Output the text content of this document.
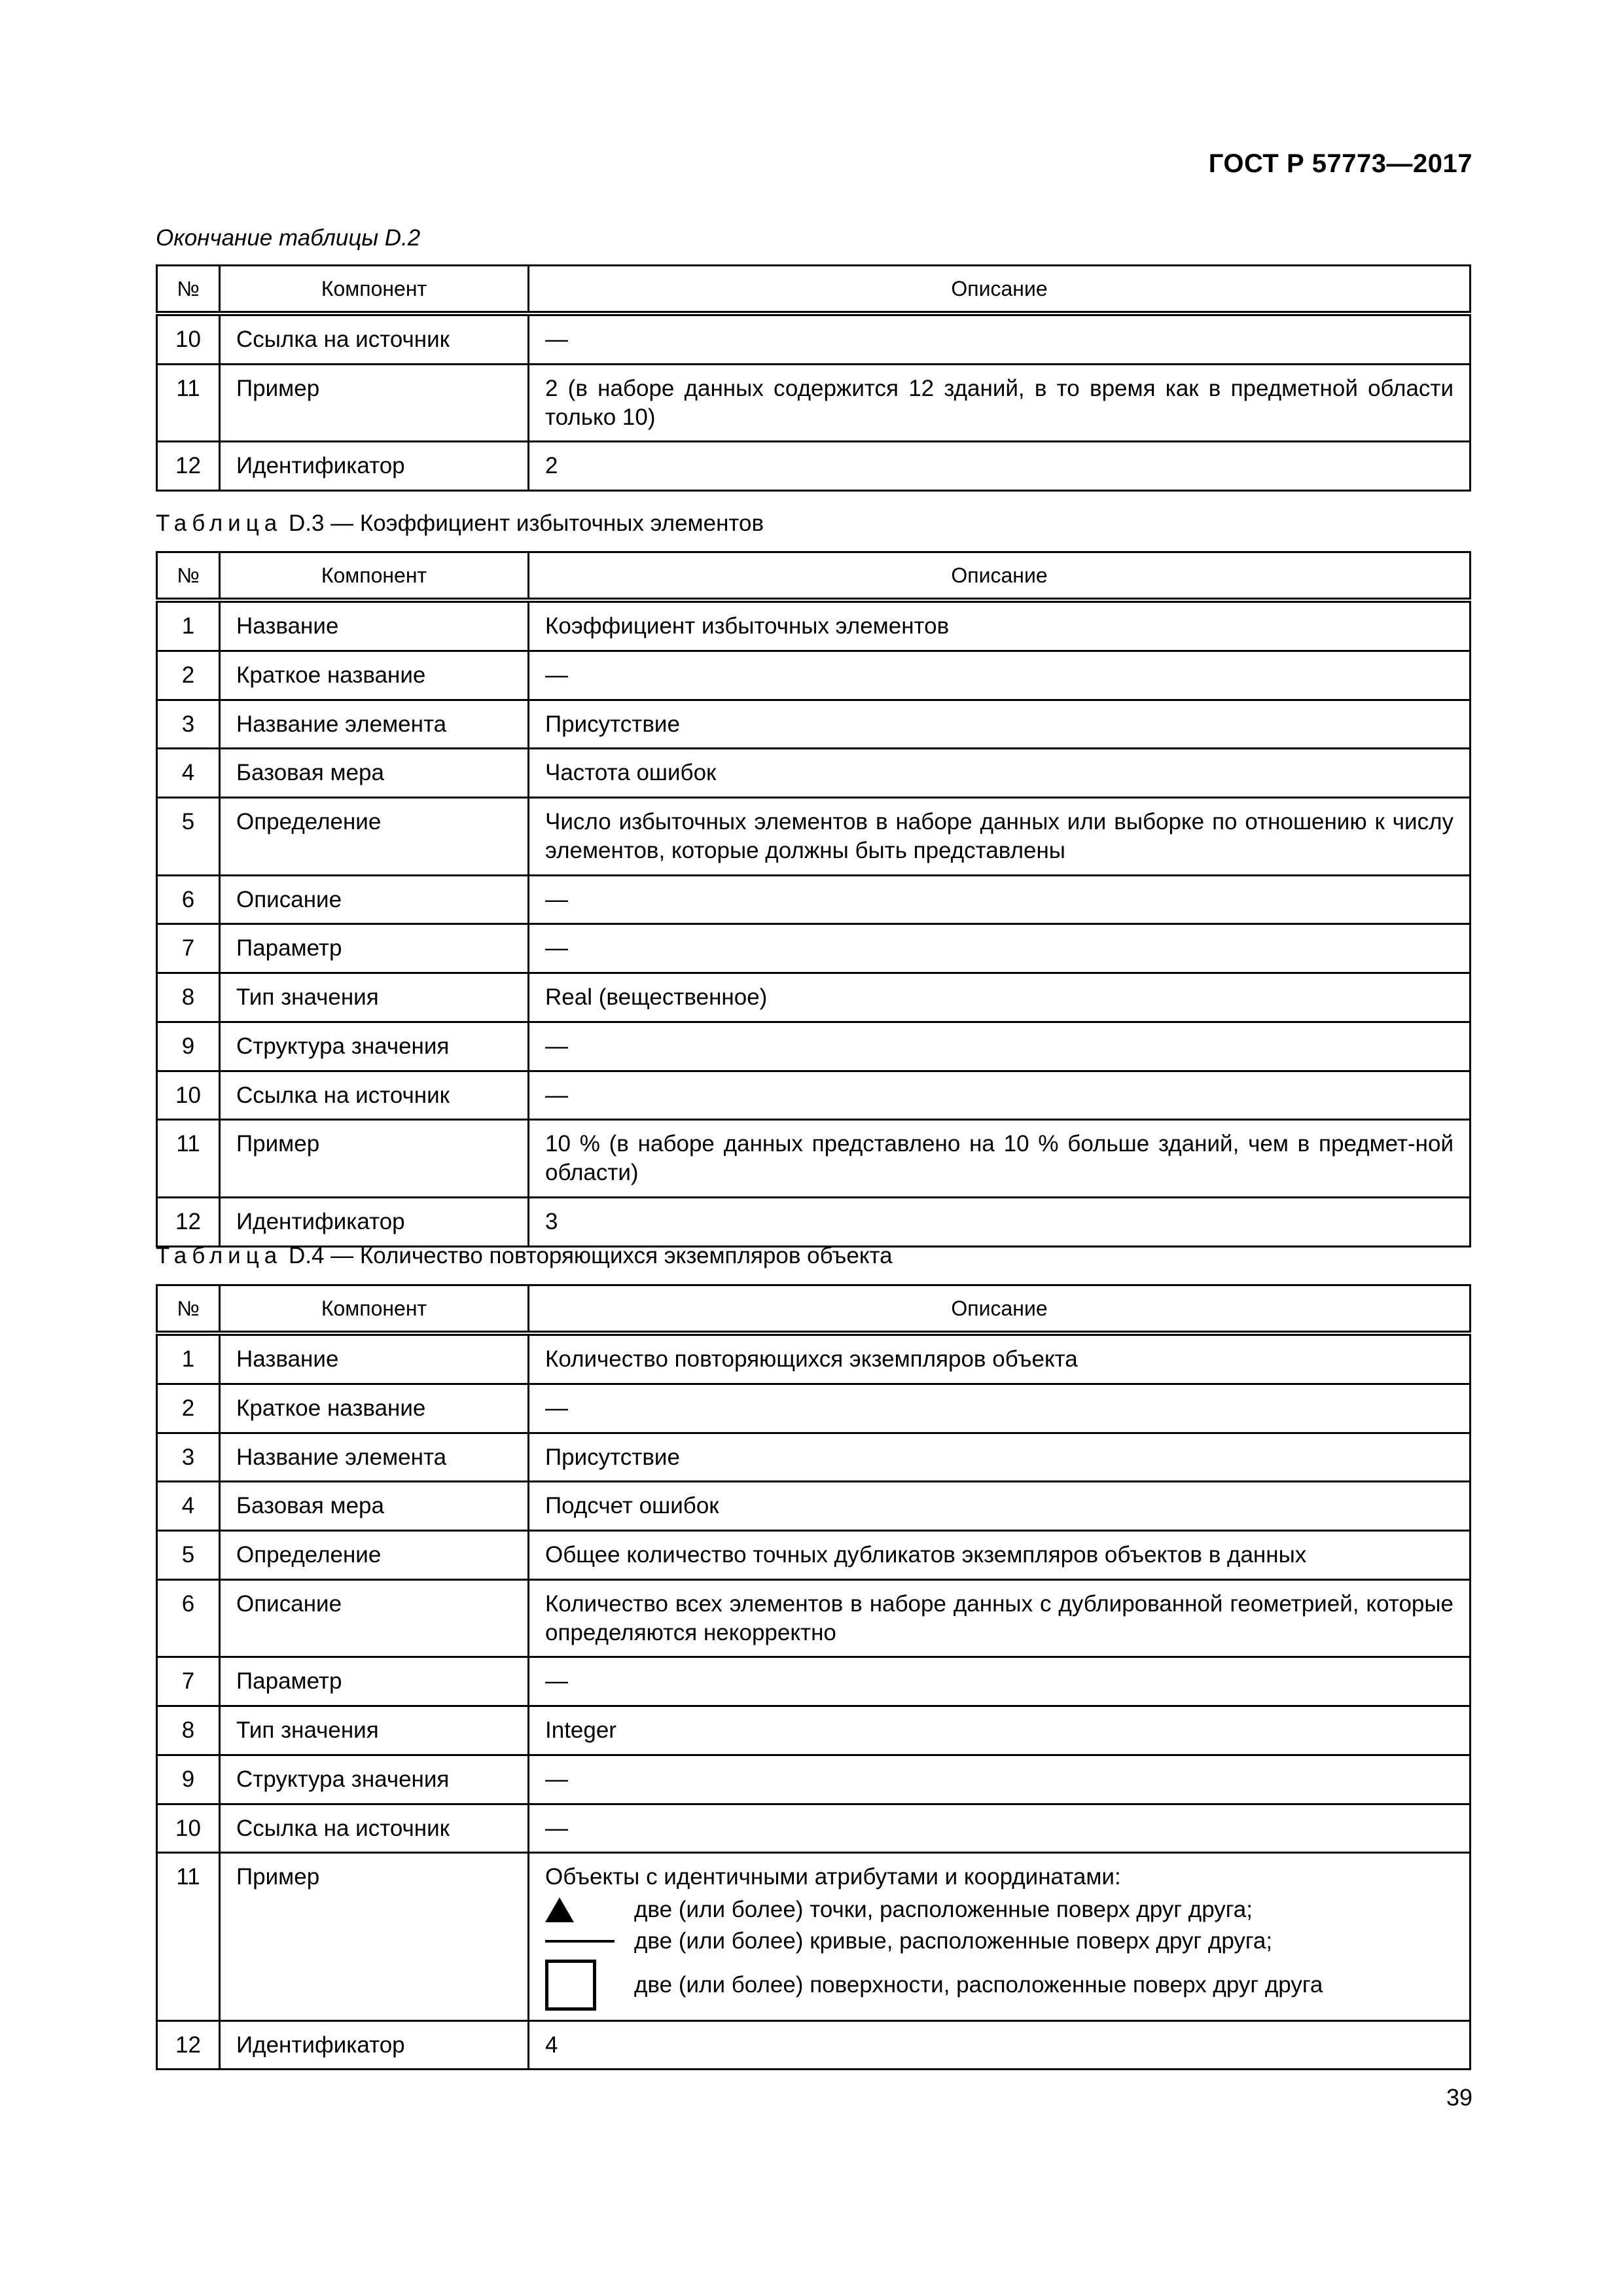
ГОСТ Р 57773—2017
Окончание таблицы D.2
№	Компонент	Описание
10	Ссылка на источник	—
11	Пример	2 (в наборе данных содержится 12 зданий, в то время как в предметной области только 10)
12	Идентификатор	2
Таблица D.3 — Коэффициент избыточных элементов
№	Компонент	Описание
1	Название	Коэффициент избыточных элементов
2	Краткое название	—
3	Название элемента	Присутствие
4	Базовая мера	Частота ошибок
5	Определение	Число избыточных элементов в наборе данных или выборке по отношению к числу элементов, которые должны быть представлены
6	Описание	—
7	Параметр	—
8	Тип значения	Real (вещественное)
9	Структура значения	—
10	Ссылка на источник	—
11	Пример	10 % (в наборе данных представлено на 10 % больше зданий, чем в предмет-ной области)
12	Идентификатор	3
Таблица D.4 — Количество повторяющихся экземпляров объекта
№	Компонент	Описание
1	Название	Количество повторяющихся экземпляров объекта
2	Краткое название	—
3	Название элемента	Присутствие
4	Базовая мера	Подсчет ошибок
5	Определение	Общее количество точных дубликатов экземпляров объектов в данных
6	Описание	Количество всех элементов в наборе данных с дублированной геометрией, которые определяются некорректно
7	Параметр	—
8	Тип значения	Integer
9	Структура значения	—
10	Ссылка на источник	—
11	Пример	Объекты с идентичными атрибутами и координатами:
две (или более) точки, расположенные поверх друг друга;
две (или более) кривые, расположенные поверх друг друга;
две (или более) поверхности, расположенные поверх друг друга

12	Идентификатор	4
39
